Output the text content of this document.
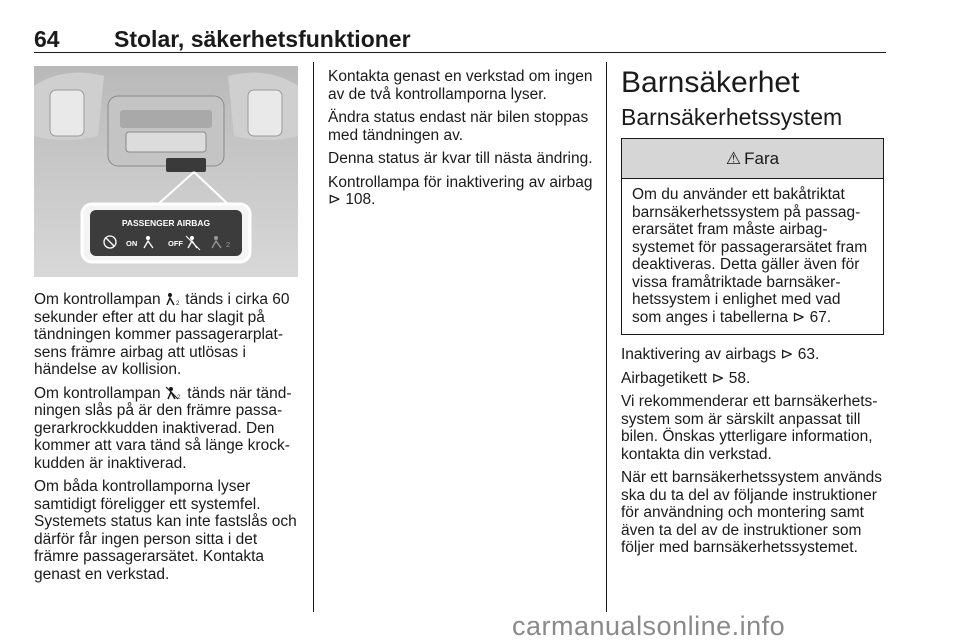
64 Stolar, säkerhetsfunktioner
PASSENGER AIRBAG
ON	OFF	2

Om kontrollampan	2 tänds i cirka 60 sekunder efter att du har slagit på tändningen kommer passagerarplatsens främre airbag att utlösas i händelse av kollision.

Om kontrollampan	2 tänds när tändningen slås på är den främre passagerarkrockkudden inaktiverad. Den kommer att vara tänd så länge krockkudden är inaktiverad.

Om båda kontrollamporna lyser samtidigt föreligger ett systemfel. Systemets status kan inte fastslås och därför får ingen person sitta i det främre passagerarsätet. Kontakta genast en verkstad.

Kontakta genast en verkstad om ingen av de två kontrollamporna lyser.

Ändra status endast när bilen stoppas med tändningen av.

Denna status är kvar till nästa ändring.

Kontrollampa för inaktivering av airbag ⊳ 108.

Barnsäkerhet
Barnsäkerhetssystem
⚠ Fara
Om du använder ett bakåtriktat barnsäkerhetssystem på passagerarsätet fram måste airbagsystemet för passagerarsätet fram deaktiveras. Detta gäller även för vissa framåtriktade barnsäkerhetssystem i enlighet med vad som anges i tabellerna ⊳ 67.

Inaktivering av airbags ⊳ 63.

Airbagetikett ⊳ 58.

Vi rekommenderar ett barnsäkerhetssystem som är särskilt anpassat till bilen. Önskas ytterligare information, kontakta din verkstad.

När ett barnsäkerhetssystem används ska du ta del av följande instruktioner för användning och montering samt även ta del av de instruktioner som följer med barnsäkerhetssystemet.

carmanualsonline.info
